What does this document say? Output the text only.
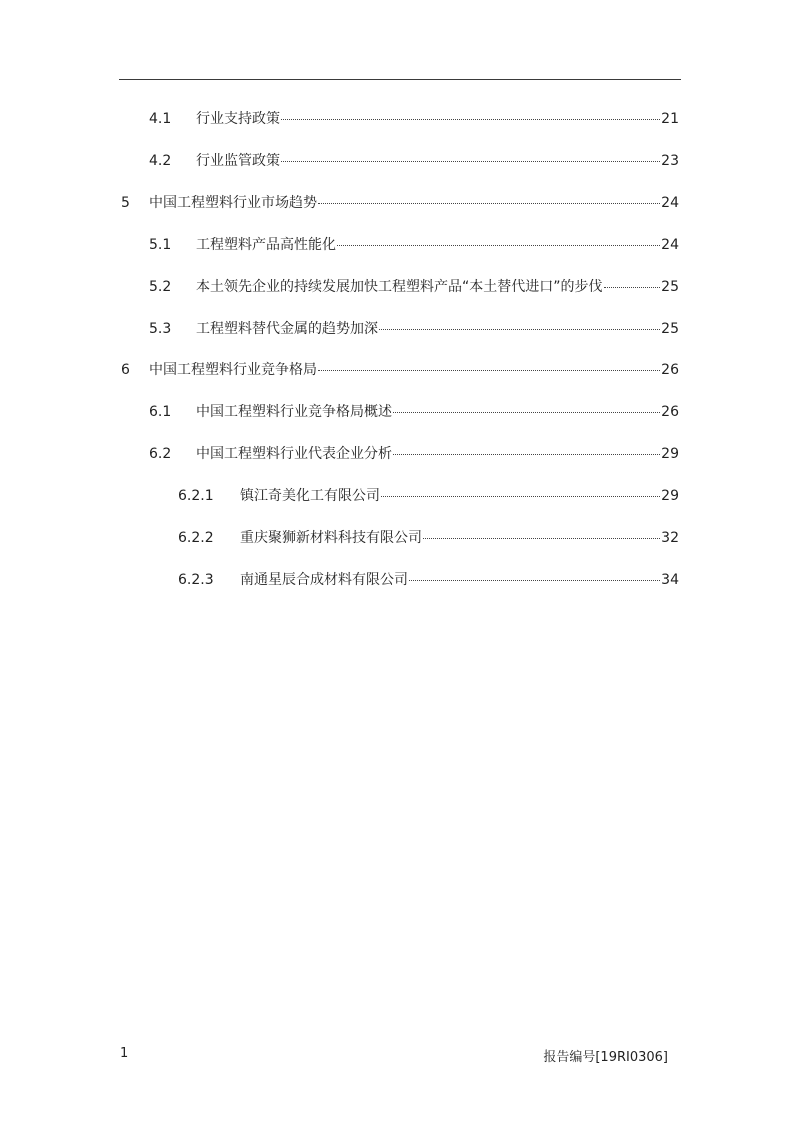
4.1	行业支持政策	21
4.2	行业监管政策	23
5	中国工程塑料行业市场趋势	24
5.1	工程塑料产品高性能化	24
5.2	本土领先企业的持续发展加快工程塑料产品“本土替代进口”的步伐	25
5.3	工程塑料替代金属的趋势加深	25
6	中国工程塑料行业竞争格局	26
6.1	中国工程塑料行业竞争格局概述	26
6.2	中国工程塑料行业代表企业分析	29
6.2.1	镇江奇美化工有限公司	29
6.2.2	重庆聚狮新材料科技有限公司	32
6.2.3	南通星辰合成材料有限公司	34
1	报告编号[19RI0306]
